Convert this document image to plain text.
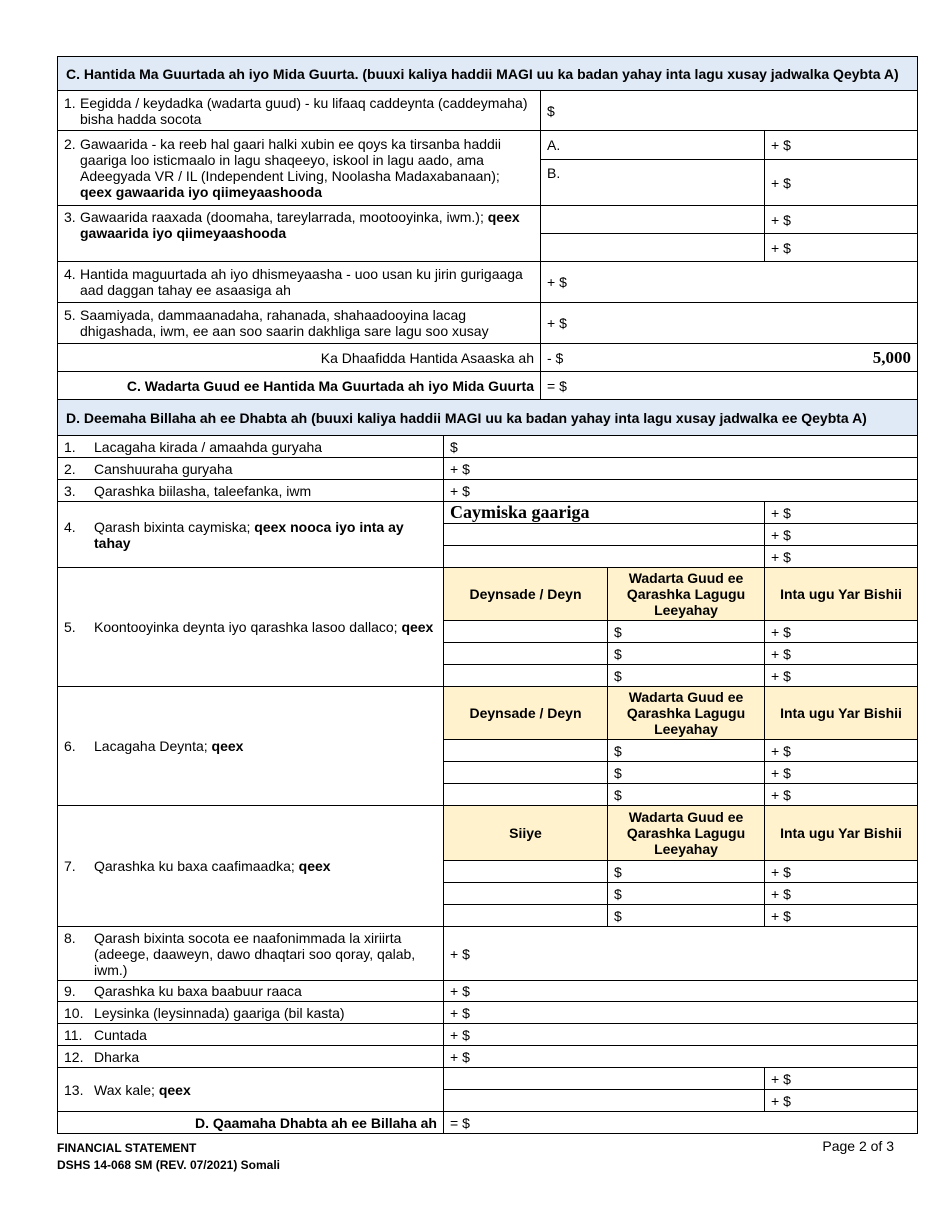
C. Hantida Ma Guurtada ah iyo Mida Guurta. (buuxi kaliya haddii MAGI uu ka badan yahay inta lagu xusay jadwalka Qeybta A)		

1. Eegidda / keydadka (wadarta guud) - ku lifaaq caddeynta (caddeymaha) bisha hadda socota	$	

2. Gawaarida - ka reeb hal gaari halki xubin ee qoys ka tirsanba haddii gaariga loo isticmaalo in lagu shaqeeyo, iskool in lagu aado, ama Adeegyada VR / IL (Independent Living, Noolasha Madaxabanaan); qeex gawaarida iyo qiimeyaashooda	A.	+ $
	B.	+ $

3. Gawaarida raaxada (doomaha, tareylarrada, mootooyinka, iwm.); qeex gawaarida iyo qiimeyaashooda		+ $
		+ $

4. Hantida maguurtada ah iyo dhismeyaasha - uoo usan ku jirin gurigaaga aad daggan tahay ee asaasiga ah	+ $	

5. Saamiyada, dammaanadaha, rahanada, shahaadooyina lacag dhigashada, iwm, ee aan soo saarin dakhliga sare lagu soo xusay	+ $	
Ka Dhaafidda Hantida Asaaska ah	- $ 5,000	

C. Wadarta Guud ee Hantida Ma Guurtada ah iyo Mida Guurta	= $	
D. Deemaha Billaha ah ee Dhabta ah (buuxi kaliya haddii MAGI uu ka badan yahay inta lagu xusay jadwalka ee Qeybta A)			

1. Lacagaha kirada / amaahda guryaha	$		

2. Canshuuraha guryaha	+ $		

3. Qarashka biilasha, taleefanka, iwm	+ $		

4. Qarash bixinta caymiska; qeex nooca iyo inta ay tahay	Caymiska gaariga		+ $
			+ $
			+ $

5. Koontooyinka deynta iyo qarashka lasoo dallaco; qeex	Deynsade / Deyn	Wadarta Guud ee Qarashka Lagugu Leeyahay	Inta ugu Yar Bishii
		$	+ $
		$	+ $
		$	+ $

6. Lacagaha Deynta; qeex	Deynsade / Deyn	Wadarta Guud ee Qarashka Lagugu Leeyahay	Inta ugu Yar Bishii
		$	+ $
		$	+ $
		$	+ $

7. Qarashka ku baxa caafimaadka; qeex	Siiye	Wadarta Guud ee Qarashka Lagugu Leeyahay	Inta ugu Yar Bishii
		$	+ $
		$	+ $
		$	+ $

8. Qarash bixinta socota ee naafonimmada la xiriirta (adeege, daaweyn, dawo dhaqtari soo qoray, qalab, iwm.)	+ $		

9. Qarashka ku baxa baabuur raaca	+ $		

10. Leysinka (leysinnada) gaariga (bil kasta)	+ $		

11. Cuntada	+ $		

12. Dharka	+ $		

13. Wax kale; qeex			+ $
			+ $
D. Qaamaha Dhabta ah ee Billaha ah	= $		
FINANCIAL STATEMENT
DSHS 14-068 SM (REV. 07/2021) Somali
Page 2 of 3
